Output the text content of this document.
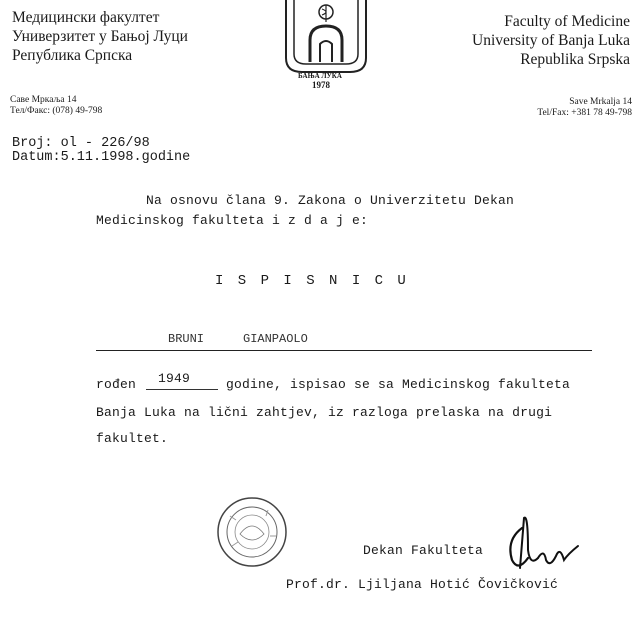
Медицински факултет
Универзитет у Бањој Луци
Република Српска
БАЊА ЛУКА
1978
Faculty of Medicine
University of Banja Luka
Republika Srpska
Саве Мркаља 14
Тел/Факс: (078) 49-798
Save Mrkalja 14
Tel/Fax: +381 78 49-798
Broj: ol - 226/98
Datum:5.11.1998.godine
Na osnovu člana 9. Zakona o Univerzitetu Dekan
Medicinskog fakulteta i z d a j e:
I S P I S N I C U
BRUNI	GIANPAOLO
rođen 1949	godine, ispisao se sa Medicinskog fakulteta
Banja Luka na lični zahtjev, iz razloga prelaska na drugi
fakultet.
Dekan Fakulteta
Prof.dr. Ljiljana Hotić Čovičković
